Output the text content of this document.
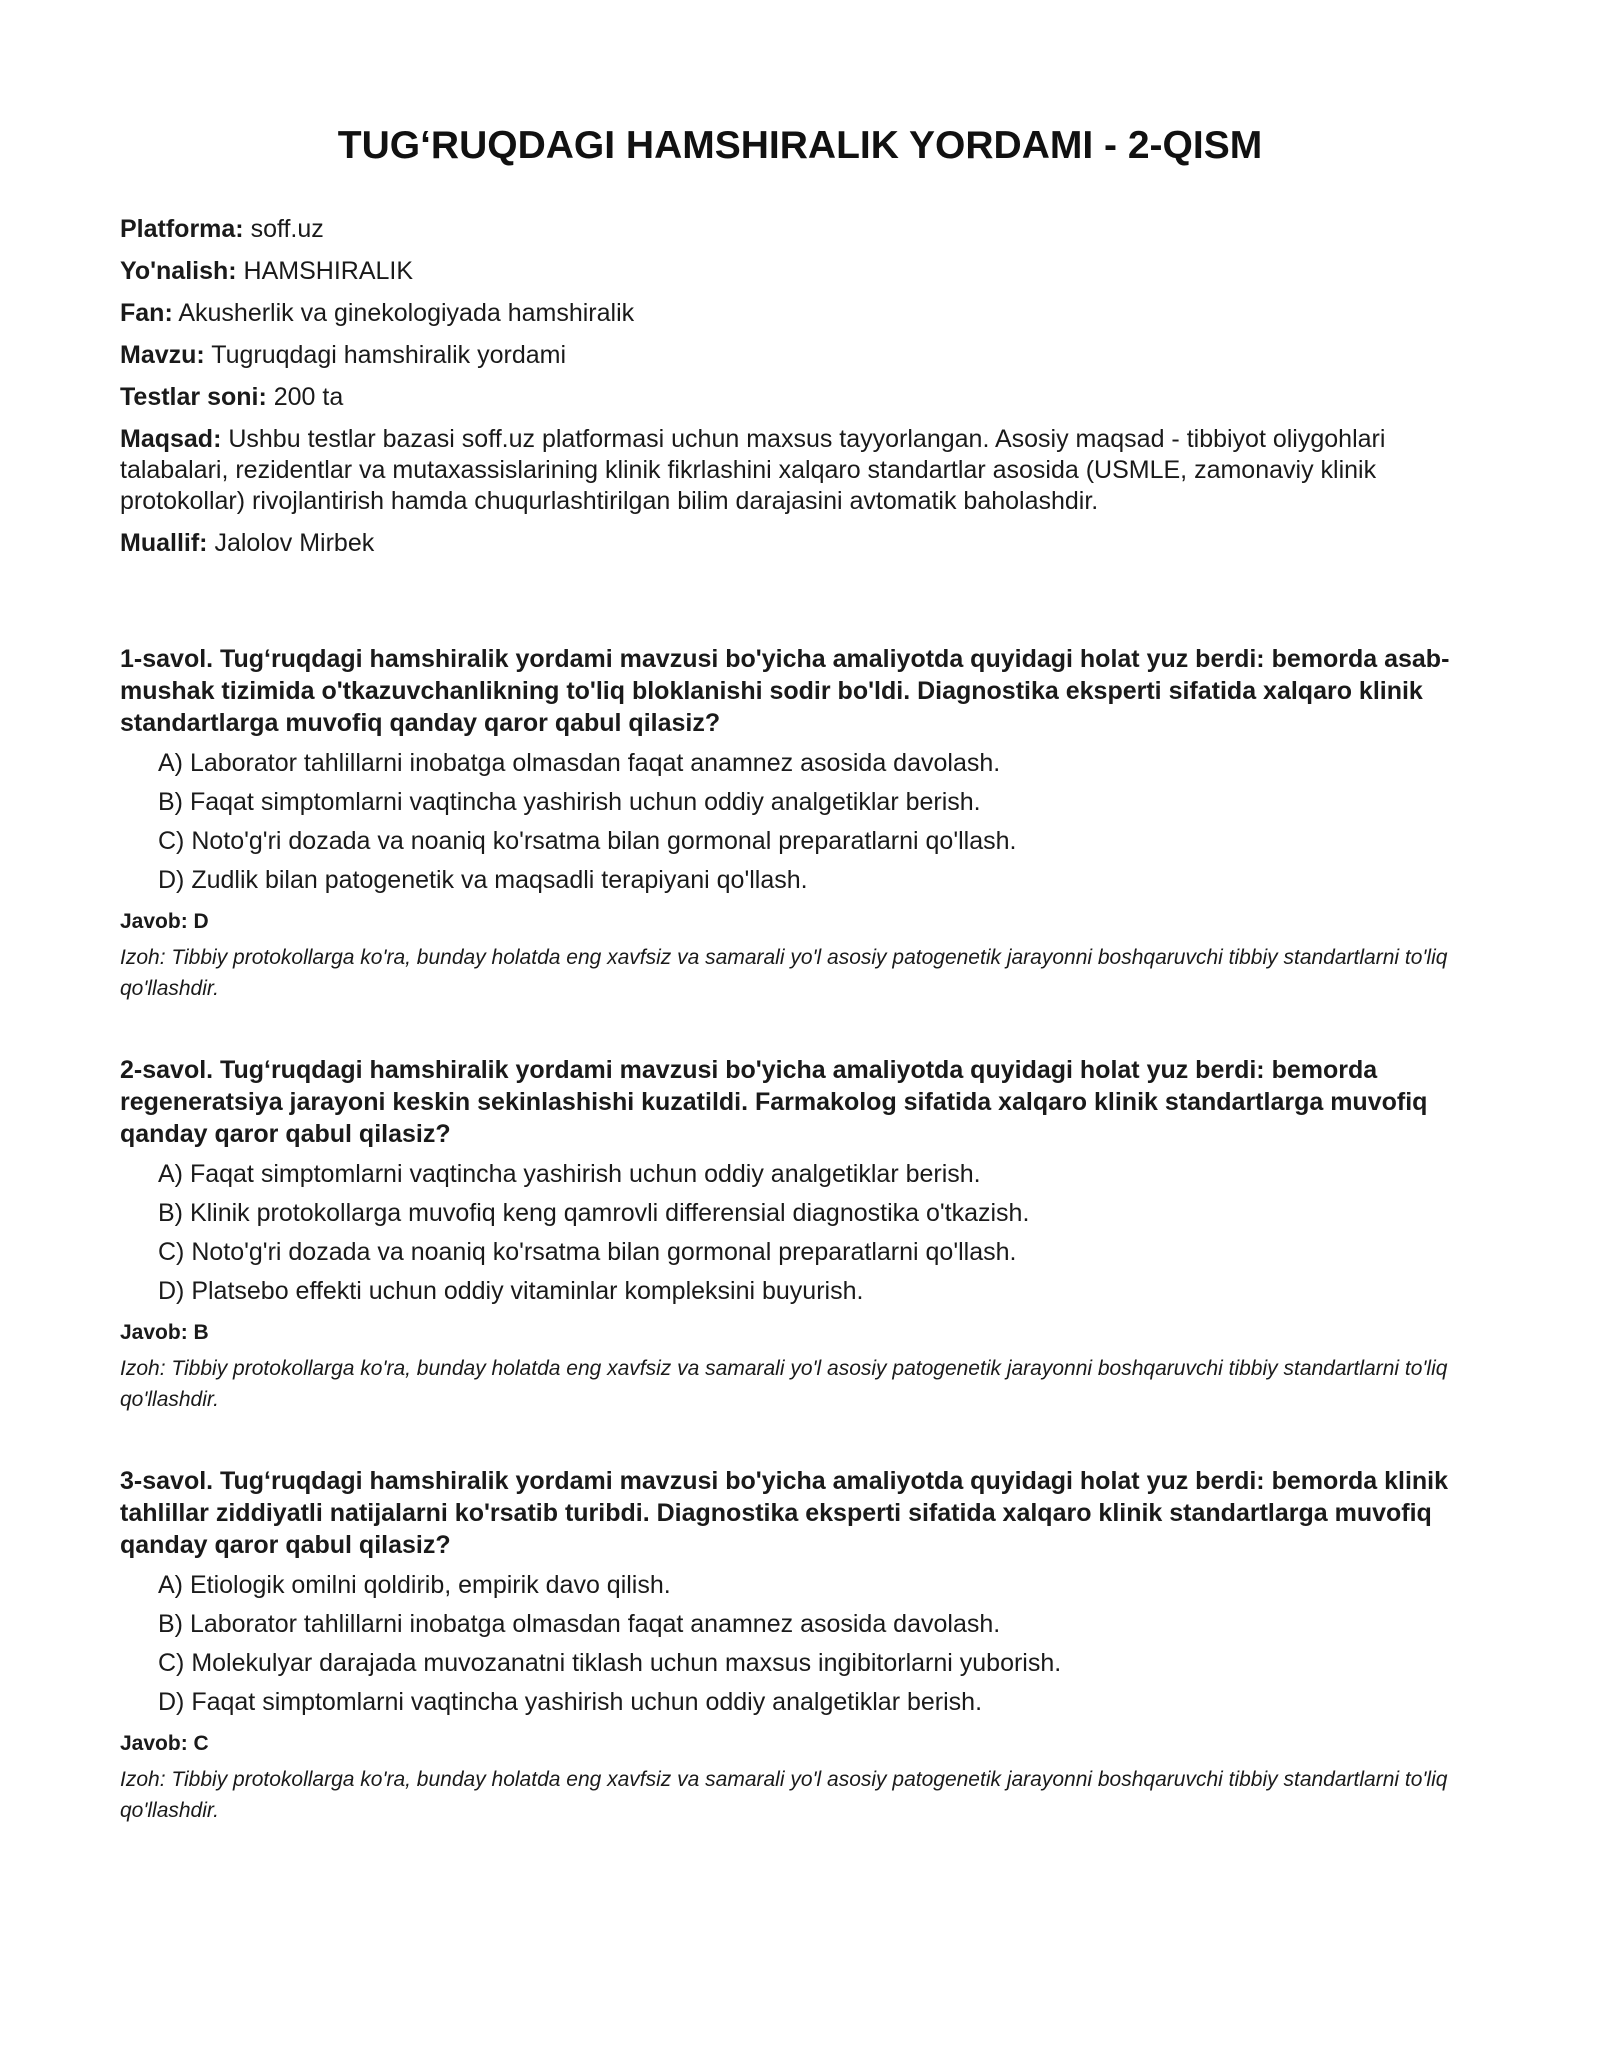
TUG‘RUQDAGI HAMSHIRALIK YORDAMI - 2-QISM

Platforma: soff.uz

Yo'nalish: HAMSHIRALIK

Fan: Akusherlik va ginekologiyada hamshiralik

Mavzu: Tugruqdagi hamshiralik yordami

Testlar soni: 200 ta

Maqsad: Ushbu testlar bazasi soff.uz platformasi uchun maxsus tayyorlangan. Asosiy maqsad - tibbiyot oliygohlari talabalari, rezidentlar va mutaxassislarining klinik fikrlashini xalqaro standartlar asosida (USMLE, zamonaviy klinik protokollar) rivojlantirish hamda chuqurlashtirilgan bilim darajasini avtomatik baholashdir.

Muallif: Jalolov Mirbek

1-savol. Tug‘ruqdagi hamshiralik yordami mavzusi bo'yicha amaliyotda quyidagi holat yuz berdi: bemorda asab-mushak tizimida o'tkazuvchanlikning to'liq bloklanishi sodir bo'ldi. Diagnostika eksperti sifatida xalqaro klinik standartlarga muvofiq qanday qaror qabul qilasiz?

A) Laborator tahlillarni inobatga olmasdan faqat anamnez asosida davolash.
B) Faqat simptomlarni vaqtincha yashirish uchun oddiy analgetiklar berish.
C) Noto'g'ri dozada va noaniq ko'rsatma bilan gormonal preparatlarni qo'llash.
D) Zudlik bilan patogenetik va maqsadli terapiyani qo'llash.

Javob: D

Izoh: Tibbiy protokollarga ko'ra, bunday holatda eng xavfsiz va samarali yo'l asosiy patogenetik jarayonni boshqaruvchi tibbiy standartlarni to'liq qo'llashdir.

2-savol. Tug‘ruqdagi hamshiralik yordami mavzusi bo'yicha amaliyotda quyidagi holat yuz berdi: bemorda regeneratsiya jarayoni keskin sekinlashishi kuzatildi. Farmakolog sifatida xalqaro klinik standartlarga muvofiq qanday qaror qabul qilasiz?

A) Faqat simptomlarni vaqtincha yashirish uchun oddiy analgetiklar berish.
B) Klinik protokollarga muvofiq keng qamrovli differensial diagnostika o'tkazish.
C) Noto'g'ri dozada va noaniq ko'rsatma bilan gormonal preparatlarni qo'llash.
D) Platsebo effekti uchun oddiy vitaminlar kompleksini buyurish.

Javob: B

Izoh: Tibbiy protokollarga ko'ra, bunday holatda eng xavfsiz va samarali yo'l asosiy patogenetik jarayonni boshqaruvchi tibbiy standartlarni to'liq qo'llashdir.

3-savol. Tug‘ruqdagi hamshiralik yordami mavzusi bo'yicha amaliyotda quyidagi holat yuz berdi: bemorda klinik tahlillar ziddiyatli natijalarni ko'rsatib turibdi. Diagnostika eksperti sifatida xalqaro klinik standartlarga muvofiq qanday qaror qabul qilasiz?

A) Etiologik omilni qoldirib, empirik davo qilish.
B) Laborator tahlillarni inobatga olmasdan faqat anamnez asosida davolash.
C) Molekulyar darajada muvozanatni tiklash uchun maxsus ingibitorlarni yuborish.
D) Faqat simptomlarni vaqtincha yashirish uchun oddiy analgetiklar berish.

Javob: C

Izoh: Tibbiy protokollarga ko'ra, bunday holatda eng xavfsiz va samarali yo'l asosiy patogenetik jarayonni boshqaruvchi tibbiy standartlarni to'liq qo'llashdir.
